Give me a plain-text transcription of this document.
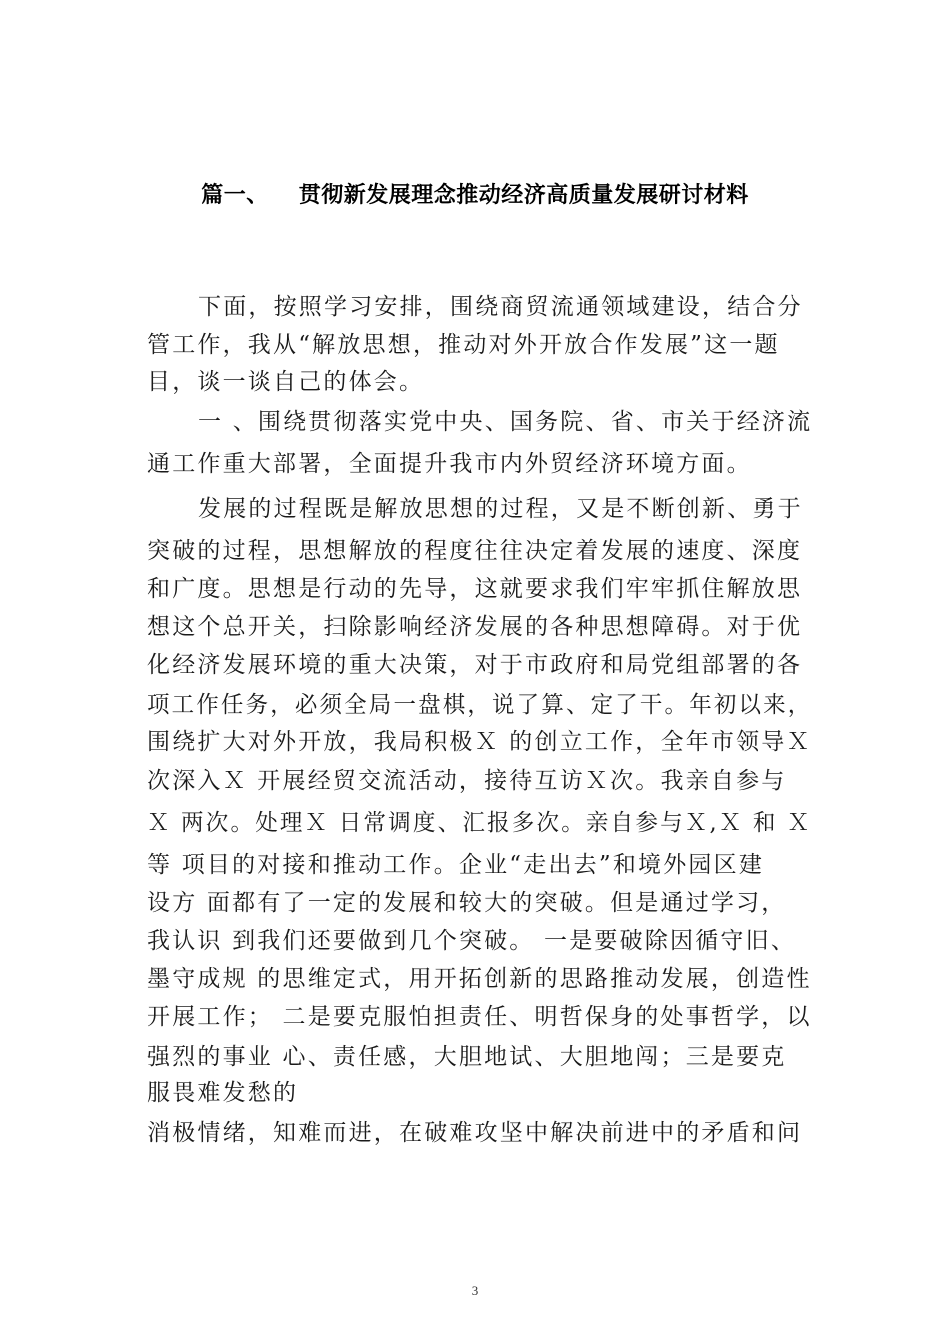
篇一、 贯彻新发展理念推动经济高质量发展研讨材料
下面，按照学习安排，围绕商贸流通领域建设，结合分
管工作，我从“解放思想，推动对外开放合作发展”这一题
目，谈一谈自己的体会。
一 、围绕贯彻落实党中央、国务院、省、市关于经济流
通工作重大部署，全面提升我市内外贸经济环境方面。
发展的过程既是解放思想的过程，又是不断创新、勇于
突破的过程，思想解放的程度往往决定着发展的速度、深度
和广度。思想是行动的先导，这就要求我们牢牢抓住解放思
想这个总开关，扫除影响经济发展的各种思想障碍。对于优
化经济发展环境的重大决策，对于市政府和局党组部署的各
项工作任务，必须全局一盘棋，说了算、定了干。年初以来，
围绕扩大对外开放，我局积极Ｘ 的创立工作，全年市领导Ｘ
次深入Ｘ 开展经贸交流活动，接待互访Ｘ次。我亲自参与
Ｘ 两次。处理Ｘ 日常调度、汇报多次。亲自参与Ｘ,Ｘ 和 Ｘ
等 项目的对接和推动工作。企业“走出去”和境外园区建
设方 面都有了一定的发展和较大的突破。但是通过学习，
我认识 到我们还要做到几个突破。 一是要破除因循守旧、
墨守成规 的思维定式，用开拓创新的思路推动发展，创造性
开展工作； 二是要克服怕担责任、明哲保身的处事哲学，以
强烈的事业 心、责任感，大胆地试、大胆地闯；三是要克
服畏难发愁的
消极情绪，知难而进，在破难攻坚中解决前进中的矛盾和问
3
